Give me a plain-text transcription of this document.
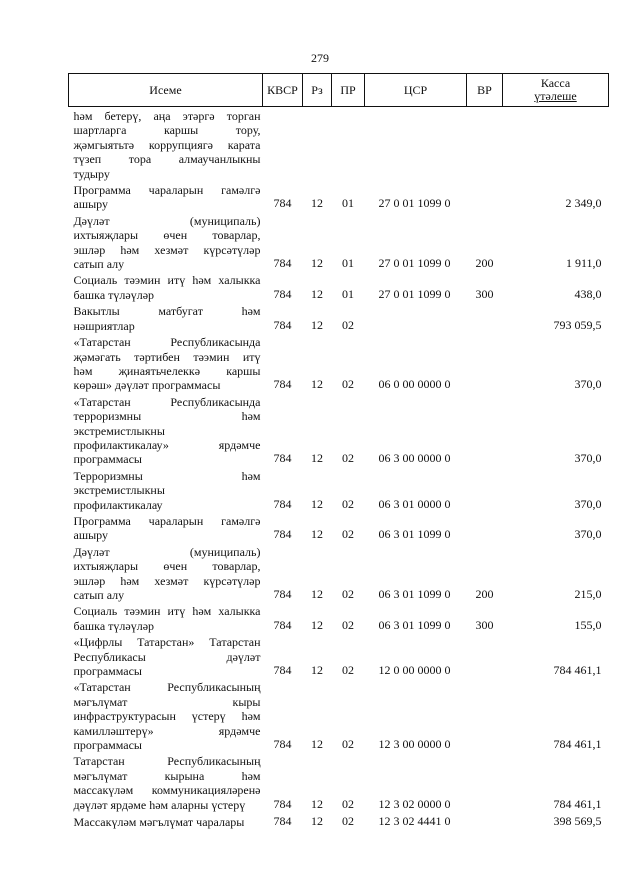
279
Исеме	КВСР	Рз	ПР	ЦСР	ВР	Касса
үтәлеше

һәм бетерү, аңа этәргә торган
шартларга каршы тору,
җәмгыятьтә коррупциягә карата
түзеп тора алмаучанлыкны
тудыру						

Программа чараларын гамәлгә
ашыру	784	12	01	27 0 01 1099 0		2 349,0

Дәүләт (муниципаль)
ихтыяҗлары өчен товарлар,
эшләр һәм хезмәт күрсәтүләр
сатып алу	784	12	01	27 0 01 1099 0	200	1 911,0

Социаль тәэмин итү һәм халыкка
башка түләүләр	784	12	01	27 0 01 1099 0	300	438,0

Вакытлы матбугат һәм
нәшриятлар	784	12	02			793 059,5

«Татарстан Республикасында
җәмәгать тәртибен тәэмин итү
һәм җинаятьчелеккә каршы
көрәш» дәүләт программасы	784	12	02	06 0 00 0000 0		370,0

«Татарстан Республикасында
терроризмны һәм
экстремистлыкны
профилактикалау» ярдәмче
программасы	784	12	02	06 3 00 0000 0		370,0

Терроризмны һәм
экстремистлыкны
профилактикалау	784	12	02	06 3 01 0000 0		370,0

Программа чараларын гамәлгә
ашыру	784	12	02	06 3 01 1099 0		370,0

Дәүләт (муниципаль)
ихтыяҗлары өчен товарлар,
эшләр һәм хезмәт күрсәтүләр
сатып алу	784	12	02	06 3 01 1099 0	200	215,0

Социаль тәэмин итү һәм халыкка
башка түләүләр	784	12	02	06 3 01 1099 0	300	155,0

«Цифрлы Татарстан» Татарстан
Республикасы дәүләт
программасы	784	12	02	12 0 00 0000 0		784 461,1

«Татарстан Республикасының
мәгълүмат кыры
инфраструктурасын үстерү һәм
камилләштерү» ярдәмче
программасы	784	12	02	12 3 00 0000 0		784 461,1

Татарстан Республикасының
мәгълүмат кырына һәм
массакүләм коммуникацияләренә
дәүләт ярдәме һәм аларны үстерү	784	12	02	12 3 02 0000 0		784 461,1

Массакүләм мәгълүмат чаралары	784	12	02	12 3 02 4441 0		398 569,5
